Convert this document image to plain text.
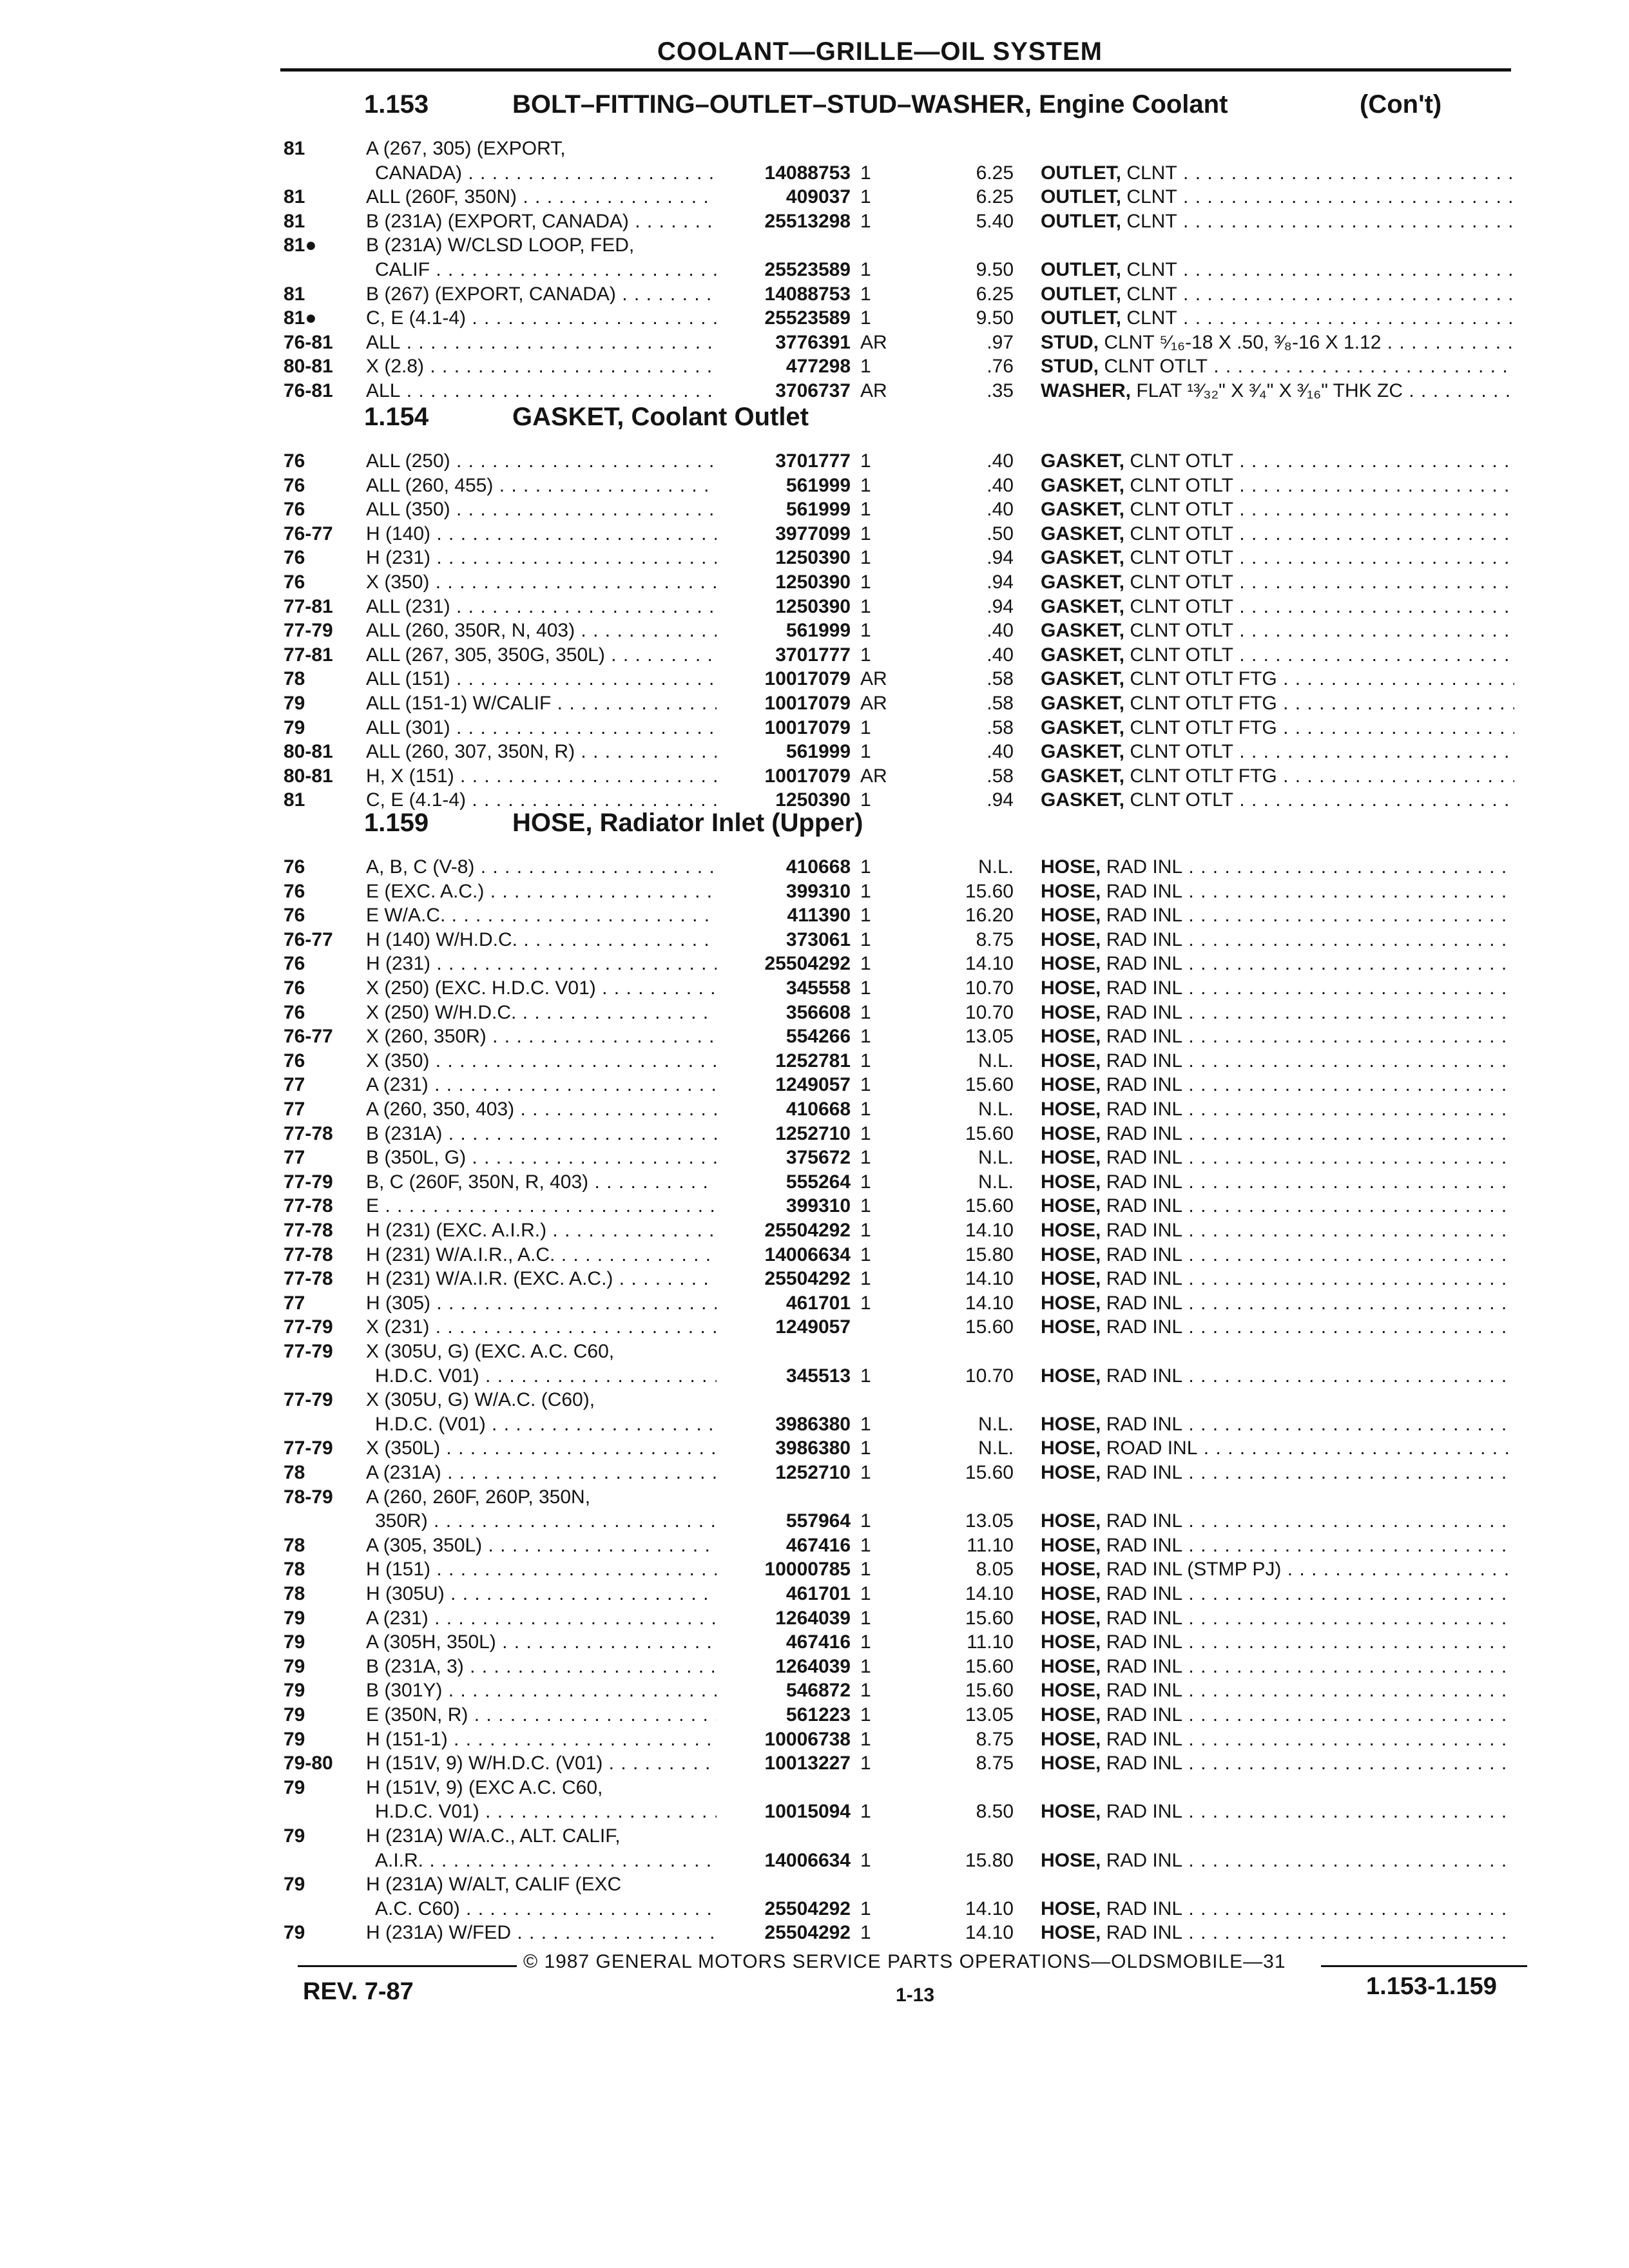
COOLANT—GRILLE—OIL SYSTEM
1.153	BOLT–FITTING–OUTLET–STUD–WASHER, Engine Coolant	(Con't)
81	A (267, 305) (EXPORT,
CANADA) . . .	14088753 1	6.25 OUTLET, CLNT . . .
81	ALL (260F, 350N) . . .	409037 1	6.25 OUTLET, CLNT . . .
81	B (231A) (EXPORT, CANADA) . . .	25513298 1	5.40 OUTLET, CLNT . . .
81●	B (231A) W/CLSD LOOP, FED,
CALIF . . .	25523589 1	9.50 OUTLET, CLNT . . .
81	B (267) (EXPORT, CANADA) . . .	14088753 1	6.25 OUTLET, CLNT . . .
81●	C, E (4.1-4) . . .	25523589 1	9.50 OUTLET, CLNT . . .
76-81 ALL . . .	3776391 AR	.97 STUD, CLNT ⁵⁄₁₆-18 X .50, ³⁄₈-16 X 1.12 . . .
80-81 X (2.8) . . .	477298 1	.76 STUD, CLNT OTLT . . .
76-81 ALL . . .	3706737 AR	.35 WASHER, FLAT ¹³⁄₃₂" X ³⁄₄" X ³⁄₁₆" THK ZC . . .
1.154	GASKET, Coolant Outlet
76	ALL (250) . . .	3701777 1	.40 GASKET, CLNT OTLT . . .
76	ALL (260, 455) . . .	561999 1	.40 GASKET, CLNT OTLT . . .
76	ALL (350) . . .	561999 1	.40 GASKET, CLNT OTLT . . .
76-77 H (140) . . .	3977099 1	.50 GASKET, CLNT OTLT . . .
76	H (231) . . .	1250390 1	.94 GASKET, CLNT OTLT . . .
76	X (350) . . .	1250390 1	.94 GASKET, CLNT OTLT . . .
77-81 ALL (231) . . .	1250390 1	.94 GASKET, CLNT OTLT . . .
77-79 ALL (260, 350R, N, 403) . . .	561999 1	.40 GASKET, CLNT OTLT . . .
77-81 ALL (267, 305, 350G, 350L) . . .	3701777 1	.40 GASKET, CLNT OTLT . . .
78	ALL (151) . . .	10017079 AR	.58 GASKET, CLNT OTLT FTG . . .
79	ALL (151-1) W/CALIF . . .	10017079 AR	.58 GASKET, CLNT OTLT FTG . . .
79	ALL (301) . . .	10017079 1	.58 GASKET, CLNT OTLT FTG . . .
80-81 ALL (260, 307, 350N, R) . . .	561999 1	.40 GASKET, CLNT OTLT . . .
80-81 H, X (151) . . .	10017079 AR	.58 GASKET, CLNT OTLT FTG . . .
81	C, E (4.1-4) . . .	1250390 1	.94 GASKET, CLNT OTLT . . .
1.159	HOSE, Radiator Inlet (Upper)
76	A, B, C (V-8) . . .	410668 1	N.L. HOSE, RAD INL . . .
76	E (EXC. A.C.) . . .	399310 1	15.60 HOSE, RAD INL . . .
76	E W/A.C. . . .	411390 1	16.20 HOSE, RAD INL . . .
76-77 H (140) W/H.D.C. . . .	373061 1	8.75 HOSE, RAD INL . . .
76	H (231) . . .	25504292 1	14.10 HOSE, RAD INL . . .
76	X (250) (EXC. H.D.C. V01) . . .	345558 1	10.70 HOSE, RAD INL . . .
76	X (250) W/H.D.C. . . .	356608 1	10.70 HOSE, RAD INL . . .
76-77 X (260, 350R) . . .	554266 1	13.05 HOSE, RAD INL . . .
76	X (350) . . .	1252781 1	N.L. HOSE, RAD INL . . .
77	A (231) . . .	1249057 1	15.60 HOSE, RAD INL . . .
77	A (260, 350, 403) . . .	410668 1	N.L. HOSE, RAD INL . . .
77-78 B (231A) . . .	1252710 1	15.60 HOSE, RAD INL . . .
77	B (350L, G) . . .	375672 1	N.L. HOSE, RAD INL . . .
77-79 B, C (260F, 350N, R, 403) . . .	555264 1	N.L. HOSE, RAD INL . . .
77-78 E . . .	399310 1	15.60 HOSE, RAD INL . . .
77-78 H (231) (EXC. A.I.R.) . . .	25504292 1	14.10 HOSE, RAD INL . . .
77-78 H (231) W/A.I.R., A.C. . . .	14006634 1	15.80 HOSE, RAD INL . . .
77-78 H (231) W/A.I.R. (EXC. A.C.) . . .	25504292 1	14.10 HOSE, RAD INL . . .
77	H (305) . . .	461701 1	14.10 HOSE, RAD INL . . .
77-79 X (231) . . .	1249057	15.60 HOSE, RAD INL . . .
77-79 X (305U, G) (EXC. A.C. C60,
H.D.C. V01) . . .	345513 1	10.70 HOSE, RAD INL . . .
77-79 X (305U, G) W/A.C. (C60),
H.D.C. (V01) . . .	3986380 1	N.L. HOSE, RAD INL . . .
77-79 X (350L) . . .	3986380 1	N.L. HOSE, ROAD INL . . .
78	A (231A) . . .	1252710 1	15.60 HOSE, RAD INL . . .
78-79 A (260, 260F, 260P, 350N,
350R) . . .	557964 1	13.05 HOSE, RAD INL . . .
78	A (305, 350L) . . .	467416 1	11.10 HOSE, RAD INL . . .
78	H (151) . . .	10000785 1	8.05 HOSE, RAD INL (STMP PJ) . . .
78	H (305U) . . .	461701 1	14.10 HOSE, RAD INL . . .
79	A (231) . . .	1264039 1	15.60 HOSE, RAD INL . . .
79	A (305H, 350L) . . .	467416 1	11.10 HOSE, RAD INL . . .
79	B (231A, 3) . . .	1264039 1	15.60 HOSE, RAD INL . . .
79	B (301Y) . . .	546872 1	15.60 HOSE, RAD INL . . .
79	E (350N, R) . . .	561223 1	13.05 HOSE, RAD INL . . .
79	H (151-1) . . .	10006738 1	8.75 HOSE, RAD INL . . .
79-80 H (151V, 9) W/H.D.C. (V01) . . .	10013227 1	8.75 HOSE, RAD INL . . .
79	H (151V, 9) (EXC A.C. C60,
H.D.C. V01) . . .	10015094 1	8.50 HOSE, RAD INL . . .
79	H (231A) W/A.C., ALT. CALIF,
A.I.R. . . .	14006634 1	15.80 HOSE, RAD INL . . .
79	H (231A) W/ALT, CALIF (EXC
A.C. C60) . . .	25504292 1	14.10 HOSE, RAD INL . . .
79	H (231A) W/FED . . .	25504292 1	14.10 HOSE, RAD INL . . .
© 1987 GENERAL MOTORS SERVICE PARTS OPERATIONS—OLDSMOBILE—31
REV. 7-87	1-13	1.153-1.159
